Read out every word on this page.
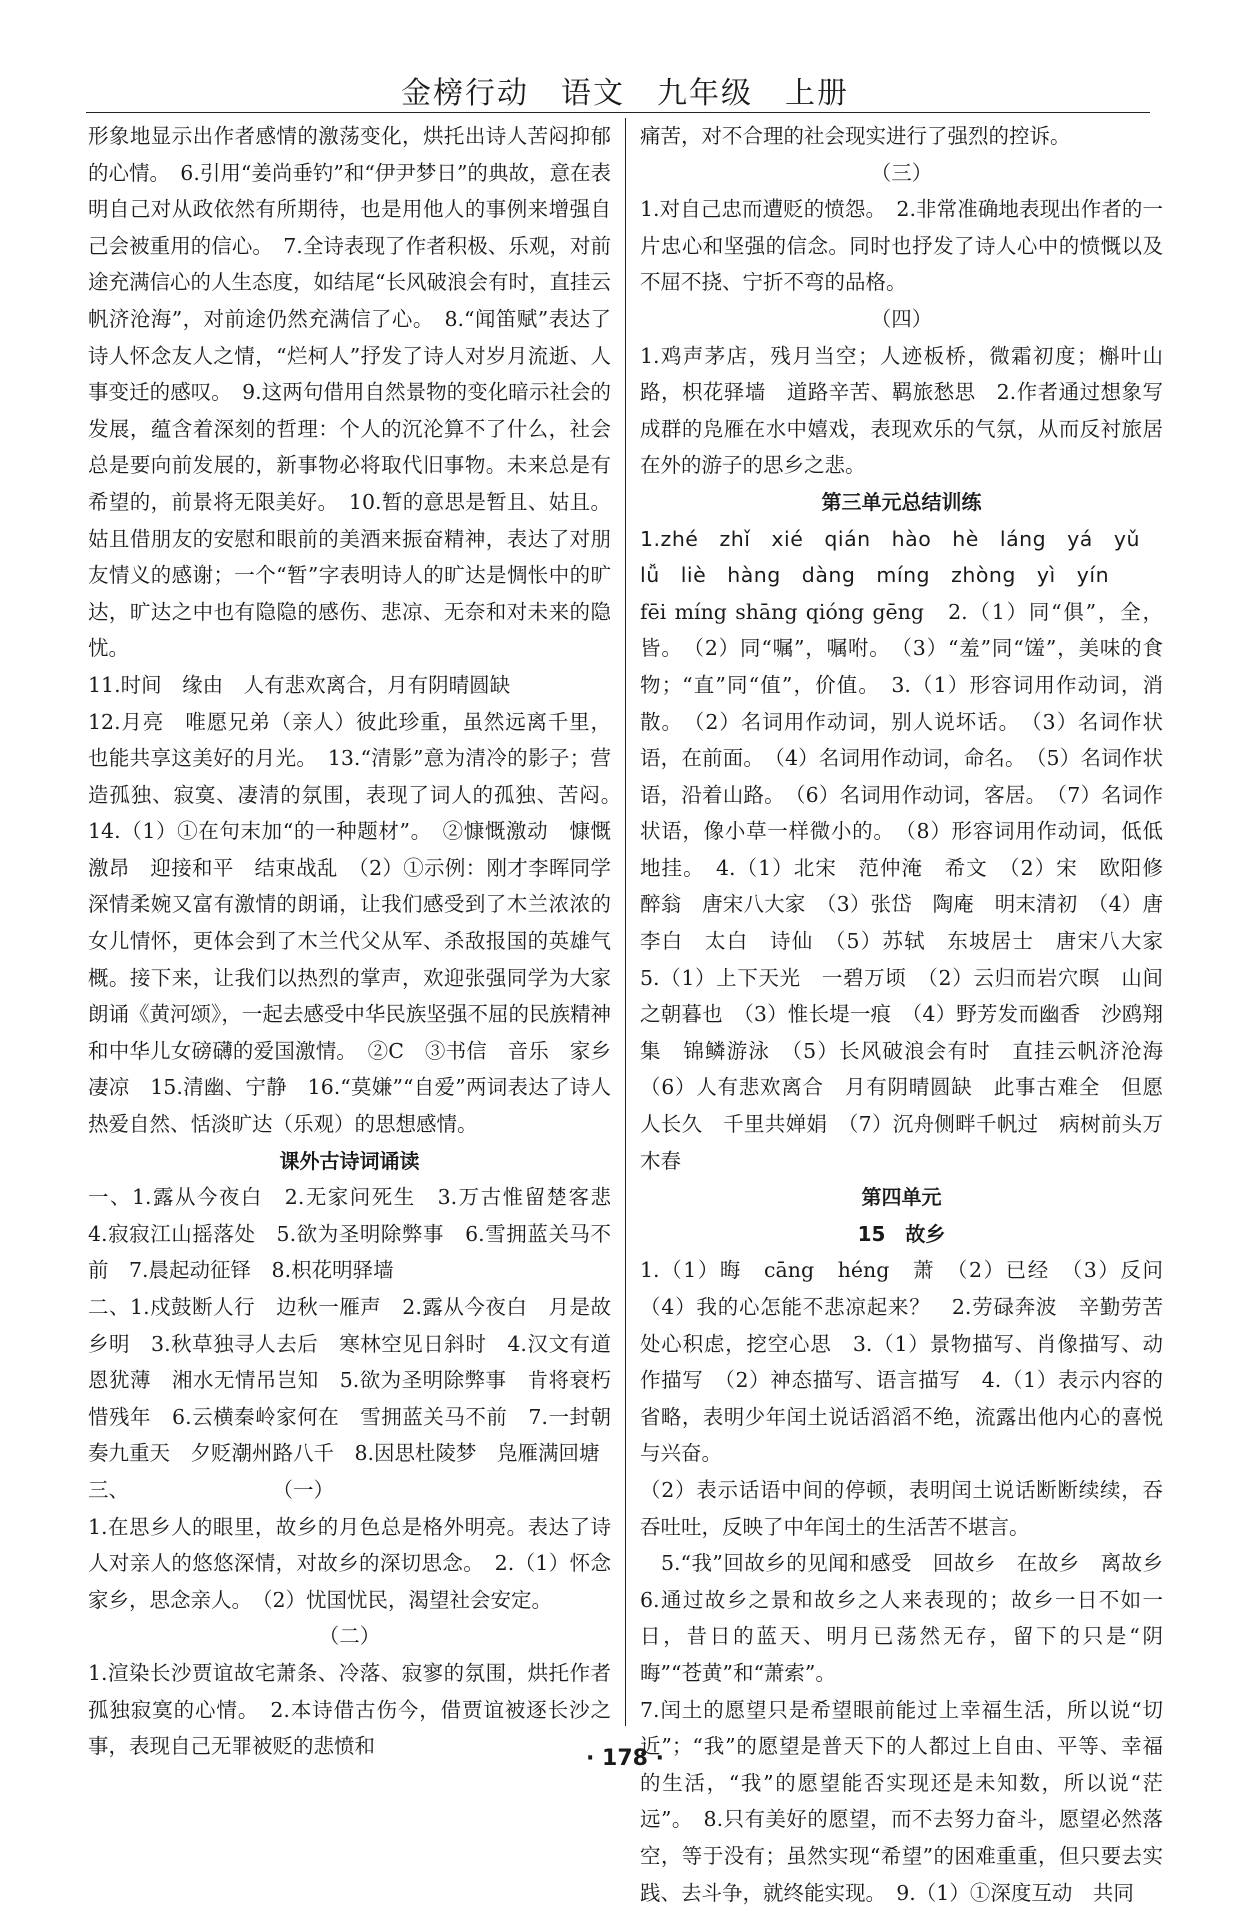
金榜行动　语文　九年级　上册

形象地显示出作者感情的激荡变化，烘托出诗人苦闷抑郁的心情。　6.引用“姜尚垂钓”和“伊尹梦日”的典故，意在表明自己对从政依然有所期待，也是用他人的事例来增强自己会被重用的信心。　7.全诗表现了作者积极、乐观，对前途充满信心的人生态度，如结尾“长风破浪会有时，直挂云帆济沧海”，对前途仍然充满信了心。　8.“闻笛赋”表达了诗人怀念友人之情，“烂柯人”抒发了诗人对岁月流逝、人事变迁的感叹。　9.这两句借用自然景物的变化暗示社会的发展，蕴含着深刻的哲理：个人的沉沦算不了什么，社会总是要向前发展的，新事物必将取代旧事物。未来总是有希望的，前景将无限美好。　10.暂的意思是暂且、姑且。姑且借朋友的安慰和眼前的美酒来振奋精神，表达了对朋友情义的感谢；一个“暂”字表明诗人的旷达是惆怅中的旷达，旷达之中也有隐隐的感伤、悲凉、无奈和对未来的隐忧。

11.时间　缘由　人有悲欢离合，月有阴晴圆缺

12.月亮　唯愿兄弟（亲人）彼此珍重，虽然远离千里，也能共享这美好的月光。　13.“清影”意为清冷的影子；营造孤独、寂寞、凄清的氛围，表现了词人的孤独、苦闷。　14.（1）①在句末加“的一种题材”。　②慷慨激动　慷慨激昂　迎接和平　结束战乱　（2）①示例：刚才李晖同学深情柔婉又富有激情的朗诵，让我们感受到了木兰浓浓的女儿情怀，更体会到了木兰代父从军、杀敌报国的英雄气概。接下来，让我们以热烈的掌声，欢迎张强同学为大家朗诵《黄河颂》，一起去感受中华民族坚强不屈的民族精神和中华儿女磅礴的爱国激情。　②C　③书信　音乐　家乡　凄凉　15.清幽、宁静　16.“莫嫌”“自爱”两词表达了诗人热爱自然、恬淡旷达（乐观）的思想感情。

课外古诗词诵读

一、1.露从今夜白　2.无家问死生　3.万古惟留楚客悲　4.寂寂江山摇落处　5.欲为圣明除弊事　6.雪拥蓝关马不前　7.晨起动征铎　8.枳花明驿墙

二、1.戍鼓断人行　边秋一雁声　2.露从今夜白　月是故乡明　3.秋草独寻人去后　寒林空见日斜时　4.汉文有道恩犹薄　湘水无情吊岂知　5.欲为圣明除弊事　肯将衰朽惜残年　6.云横秦岭家何在　雪拥蓝关马不前　7.一封朝奏九重天　夕贬潮州路八千　8.因思杜陵梦　凫雁满回塘

三、　　　　　　　　（一）

1.在思乡人的眼里，故乡的月色总是格外明亮。表达了诗人对亲人的悠悠深情，对故乡的深切思念。　2.（1）怀念家乡，思念亲人。　（2）忧国忧民，渴望社会安定。

（二）

1.渲染长沙贾谊故宅萧条、冷落、寂寥的氛围，烘托作者孤独寂寞的心情。　2.本诗借古伤今，借贾谊被逐长沙之事，表现自己无罪被贬的悲愤和

痛苦，对不合理的社会现实进行了强烈的控诉。

（三）

1.对自己忠而遭贬的愤怨。　2.非常准确地表现出作者的一片忠心和坚强的信念。同时也抒发了诗人心中的愤慨以及不屈不挠、宁折不弯的品格。

（四）

1.鸡声茅店，残月当空；人迹板桥，微霜初度；槲叶山路，枳花驿墙　道路辛苦、羁旅愁思　2.作者通过想象写成群的凫雁在水中嬉戏，表现欢乐的气氛，从而反衬旅居在外的游子的思乡之悲。

第三单元总结训练

1.zhé zhǐ xié qián hào hè láng yá yǔ

lǚ liè hàng dàng míng zhòng yì yín

fēi míng shāng qióng gēng　2.（1）同“俱”，全，皆。　（2）同“嘱”，嘱咐。　（3）“羞”同“馐”，美味的食物；“直”同“值”，价值。　3.（1）形容词用作动词，消散。　（2）名词用作动词，别人说坏话。　（3）名词作状语，在前面。　（4）名词用作动词，命名。　（5）名词作状语，沿着山路。　（6）名词用作动词，客居。　（7）名词作状语，像小草一样微小的。　（8）形容词用作动词，低低地挂。　4.（1）北宋　范仲淹　希文　（2）宋　欧阳修　醉翁　唐宋八大家　（3）张岱　陶庵　明末清初　（4）唐　李白　太白　诗仙　（5）苏轼　东坡居士　唐宋八大家　5.（1）上下天光　一碧万顷　（2）云归而岩穴暝　山间之朝暮也　（3）惟长堤一痕　（4）野芳发而幽香　沙鸥翔集　锦鳞游泳　（5）长风破浪会有时　直挂云帆济沧海　（6）人有悲欢离合　月有阴晴圆缺　此事古难全　但愿人长久　千里共婵娟　（7）沉舟侧畔千帆过　病树前头万木春

第四单元

15　故乡

1.（1）晦　cāng　héng　萧　（2）已经　（3）反问　（4）我的心怎能不悲凉起来？　2.劳碌奔波　辛勤劳苦　处心积虑，挖空心思　3.（1）景物描写、肖像描写、动作描写　（2）神态描写、语言描写　4.（1）表示内容的省略，表明少年闰土说话滔滔不绝，流露出他内心的喜悦与兴奋。

（2）表示话语中间的停顿，表明闰土说话断断续续，吞吞吐吐，反映了中年闰土的生活苦不堪言。

　5.“我”回故乡的见闻和感受　回故乡　在故乡　离故乡　6.通过故乡之景和故乡之人来表现的；故乡一日不如一日，昔日的蓝天、明月已荡然无存，留下的只是“阴晦”“苍黄”和“萧索”。

7.闰土的愿望只是希望眼前能过上幸福生活，所以说“切近”；“我”的愿望是普天下的人都过上自由、平等、幸福的生活，“我”的愿望能否实现还是未知数，所以说“茫远”。　8.只有美好的愿望，而不去努力奋斗，愿望必然落空，等于没有；虽然实现“希望”的困难重重，但只要去实践、去斗争，就终能实现。　9.（1）①深度互动　共同

· 178 ·
